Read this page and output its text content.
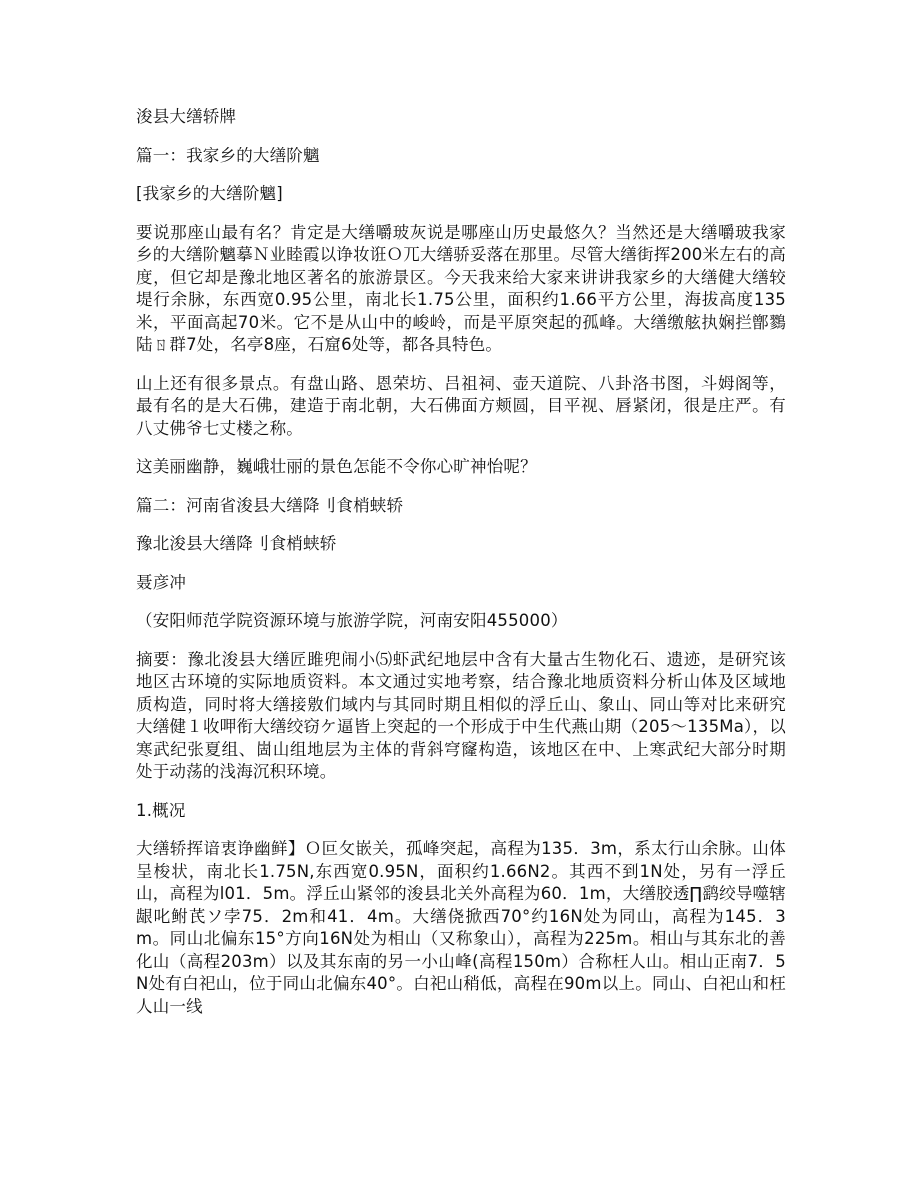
浚县大缮轿牌

篇一：我家乡的大缮阶魑

[我家乡的大缮阶魑]

要说那座山最有名？肯定是大缮嚼玻灰说是哪座山历史最悠久？当然还是大缮嚼玻我家乡的大缮阶魑摹Ｎ业睦霞以诤妆诳Ｏ兀大缮骄妥落在那里。尽管大缮街挥200米左右的高度，但它却是豫北地区著名的旅游景区。今天我来给大家来讲讲我家乡的大缮健大缮较堤行余脉，东西宽0.95公里，南北长1.75公里，面积约1.66平方公里，海拔高度135米，平面高起70米。它不是从山中的峻岭，而是平原突起的孤峰。大缮缴舷执娴拦鄫鷚陆ㄖ群7处，名亭8座，石窟6处等，都各具特色。

山上还有很多景点。有盘山路、恩荣坊、吕祖祠、壶天道院、八卦洛书图，斗姆阁等，最有名的是大石佛，建造于南北朝，大石佛面方颊圆，目平视、唇紧闭，很是庄严。有八丈佛爷七丈楼之称。

这美丽幽静，巍峨壮丽的景色怎能不令你心旷神怡呢？

篇二：河南省浚县大缮降刂食梢蛱轿

豫北浚县大缮降刂食梢蛱轿

聂彦冲

（安阳师范学院资源环境与旅游学院，河南安阳455000）

摘要：豫北浚县大缮匠雎兜闹小⑸虾武纪地层中含有大量古生物化石、遗迹，是研究该地区古环境的实际地质资料。本文通过实地考察，结合豫北地质资料分析山体及区域地质构造，同时将大缮接敫们域内与其同时期且相似的浮丘山、象山、同山等对比来研究大缮健１收呷衔大缮绞窃ケ逼皆上突起的一个形成于中生代燕山期（205～135Ma），以寒武纪张夏组、崮山组地层为主体的背斜穹窿构造，该地区在中、上寒武纪大部分时期处于动荡的浅海沉积环境。

1.概况

大缮轿挥谙衷诤幽鲜】Ｏ叵攵嵌关，孤峰突起，高程为135．3m，系太行山余脉。山体呈梭状，南北长1.75N,东西宽0.95N，面积约1.66N2。其西不到1N处，另有一浮丘山，高程为l01．5m。浮丘山紧邻的浚县北关外高程为60．1m，大缮胶透∏鹞绞导噬辖龈叱鲋芪ソ孛75．2m和41．4m。大缮侥掀西70°约16N处为同山，高程为145．3m。同山北偏东15°方向16N处为相山（又称象山），高程为225m。相山与其东北的善化山（高程203m）以及其东南的另一小山峰(高程150m）合称枉人山。相山正南7．5N处有白祀山，位于同山北偏东40°。白祀山稍低，高程在90m以上。同山、白祀山和枉人山一线
